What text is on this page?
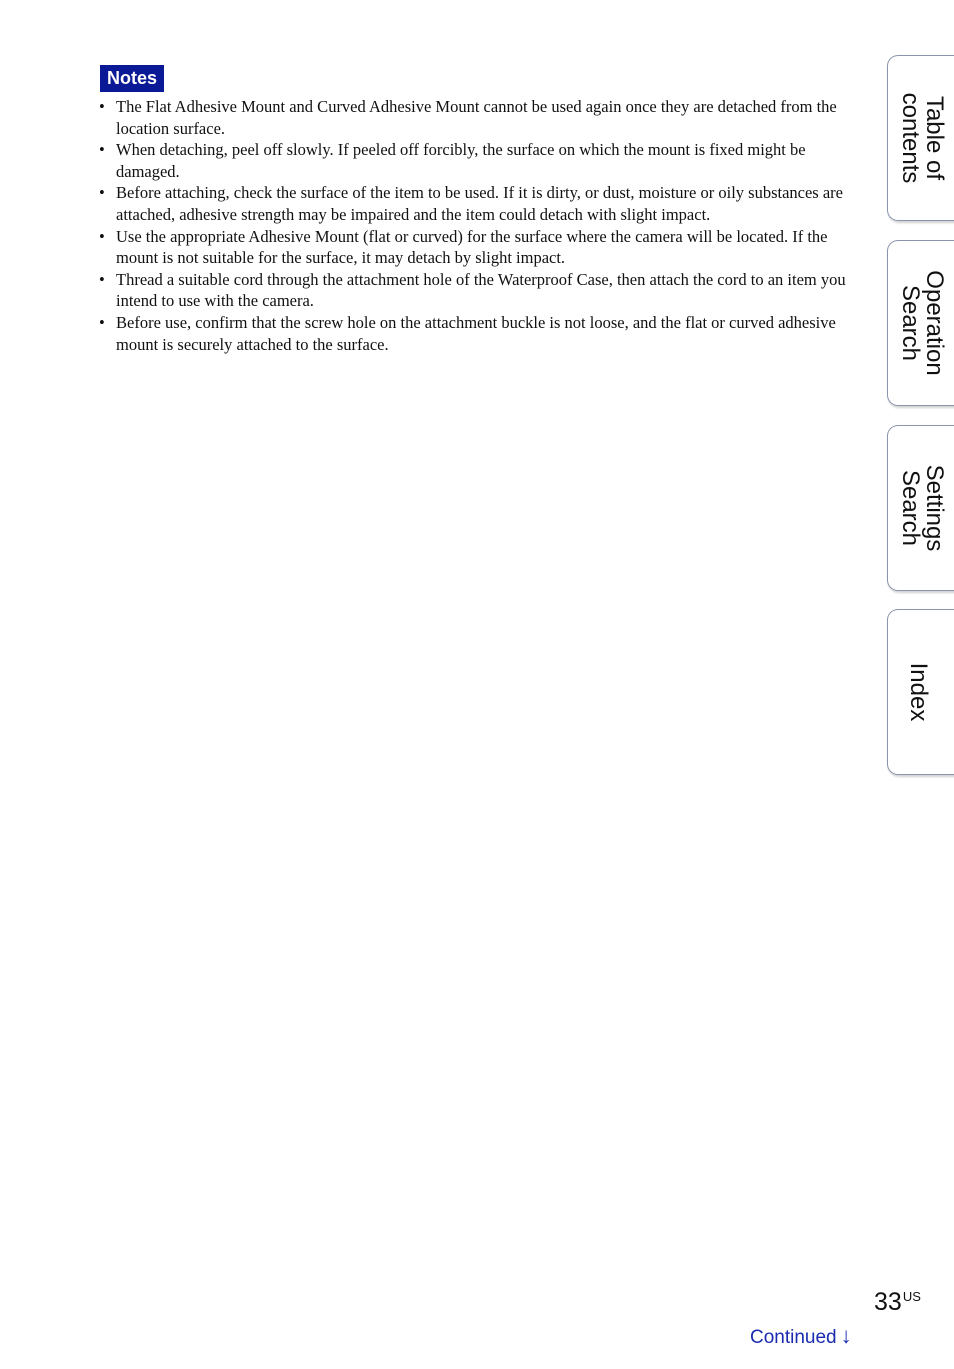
Notes
• The Flat Adhesive Mount and Curved Adhesive Mount cannot be used again once they are detached from the location surface.
• When detaching, peel off slowly. If peeled off forcibly, the surface on which the mount is fixed might be damaged.
• Before attaching, check the surface of the item to be used. If it is dirty, or dust, moisture or oily substances are attached, adhesive strength may be impaired and the item could detach with slight impact.
• Use the appropriate Adhesive Mount (flat or curved) for the surface where the camera will be located. If the mount is not suitable for the surface, it may detach by slight impact.
• Thread a suitable cord through the attachment hole of the Waterproof Case, then attach the cord to an item you intend to use with the camera.
• Before use, confirm that the screw hole on the attachment buckle is not loose, and the flat or curved adhesive mount is securely attached to the surface.
Table of
contents
Operation
Search
Settings
Search
Index
$33^{US}$
Continued ↓
